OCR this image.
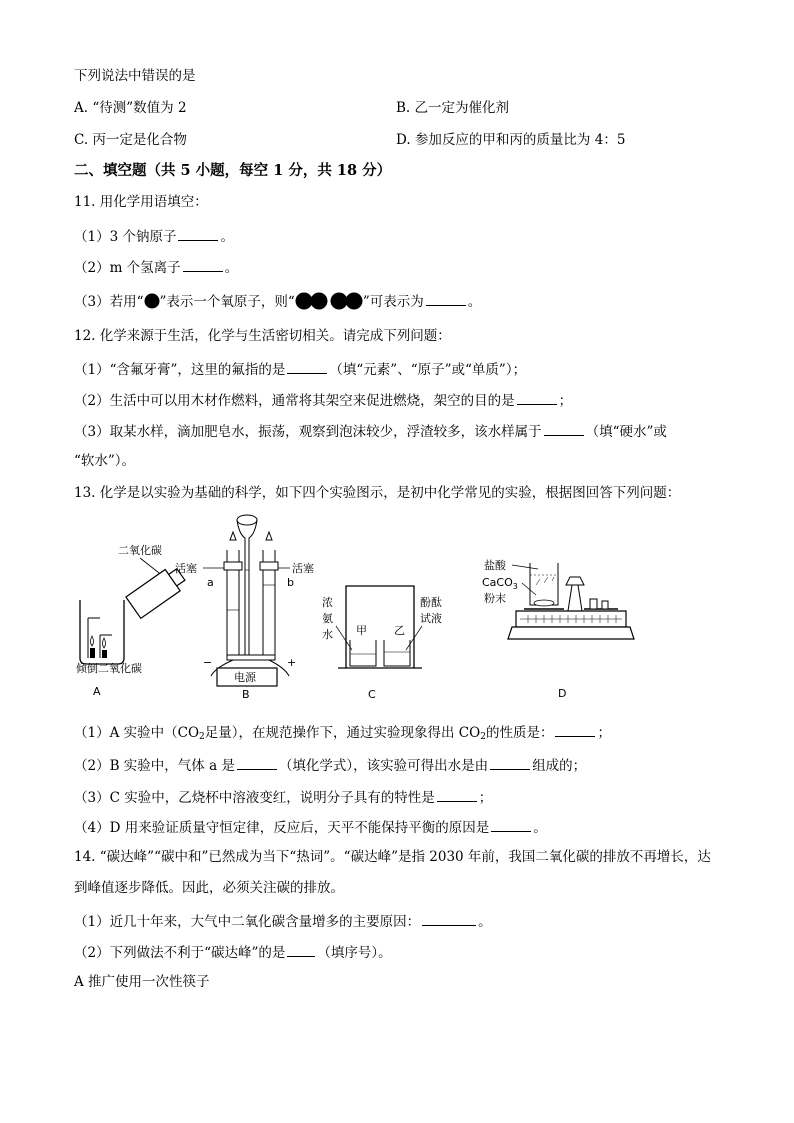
下列说法中错误的是
A. “待测”数值为 2	B. 乙一定为催化剂
C. 丙一定是化合物	D. 参加反应的甲和丙的质量比为 4：5
二、填空题（共 5 小题，每空 1 分，共 18 分）
11. 用化学用语填空：
（1）3 个钠原子	。
（2）m 个氢离子	。
（3）若用“ ”表示一个氧原子，则“	”可表示为	。
12. 化学来源于生活，化学与生活密切相关。请完成下列问题：
（1）“含氟牙膏”，这里的氟指的是	（填“元素”、“原子”或“单质”）；
（2）生活中可以用木材作燃料，通常将其架空来促进燃烧，架空的目的是	；
（3）取某水样，滴加肥皂水，振荡，观察到泡沫较少，浮渣较多，该水样属于	（填“硬水”或
“软水”）。
13. 化学是以实验为基础的科学，如下四个实验图示，是初中化学常见的实验，根据图回答下列问题：
二氧化碳
倾倒二氧化碳
A
活塞	活塞
a	b
−	+
电源
B
浓
氨
水
酚酞
试液
甲 乙
C
盐酸
CaCO$_3$
粉末
D
（1）A 实验中（$CO_2$足量），在规范操作下，通过实验现象得出 $CO_2$的性质是：	；
（2）B 实验中，气体 a 是	（填化学式），该实验可得出水是由	组成的；
（3）C 实验中，乙烧杯中溶液变红，说明分子具有的特性是	；
（4）D 用来验证质量守恒定律，反应后，天平不能保持平衡的原因是	。
14. “碳达峰”“碳中和”已然成为当下“热词”。“碳达峰”是指 2030 年前，我国二氧化碳的排放不再增长，达
到峰值逐步降低。因此，必须关注碳的排放。
（1）近几十年来，大气中二氧化碳含量增多的主要原因：	。
（2）下列做法不利于“碳达峰”的是 （填序号）。
A 推广使用一次性筷子
